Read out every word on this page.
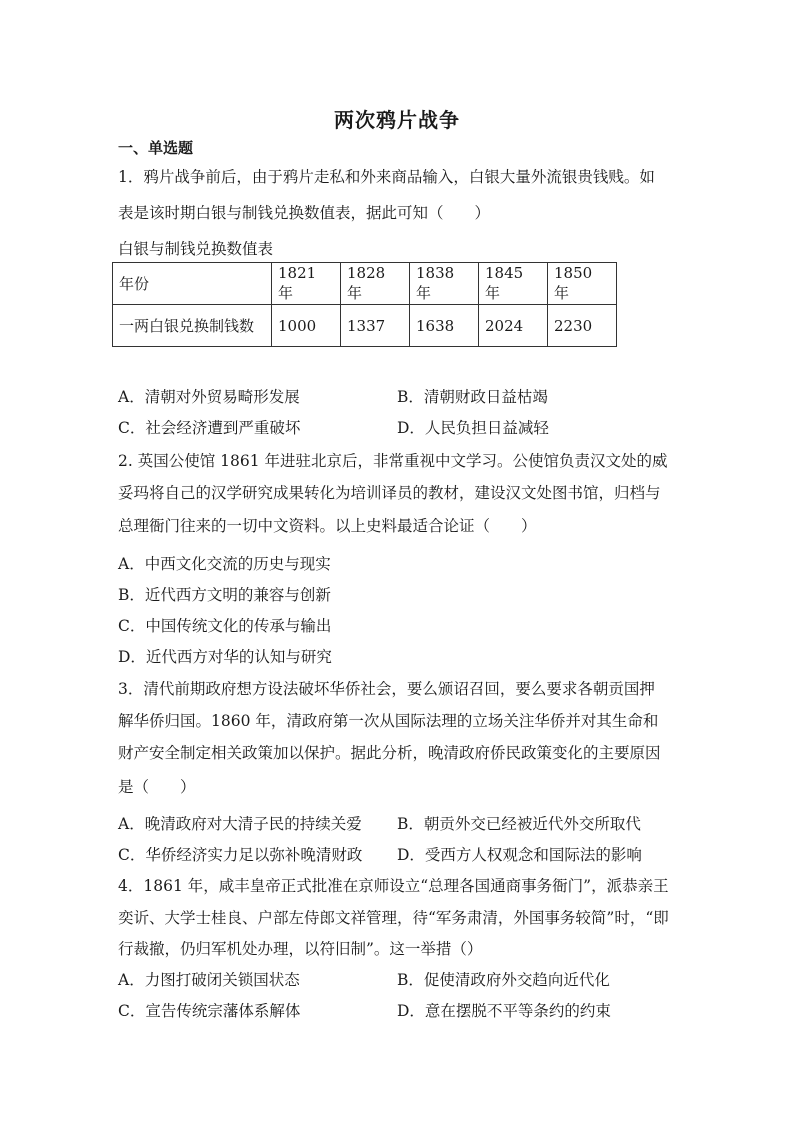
两次鸦片战争
一、单选题
1．鸦片战争前后，由于鸦片走私和外来商品输入，白银大量外流银贵钱贱。如
表是该时期白银与制钱兑换数值表，据此可知（　　）
白银与制钱兑换数值表
年份	1821 年	1828 年	1838 年	1845 年	1850 年
一两白银兑换制钱数	1000	1337	1638	2024	2230
A．清朝对外贸易畸形发展	B．清朝财政日益枯竭
C．社会经济遭到严重破坏	D．人民负担日益减轻
2. 英国公使馆 1861 年进驻北京后，非常重视中文学习。公使馆负责汉文处的威
妥玛将自己的汉学研究成果转化为培训译员的教材，建设汉文处图书馆，归档与
总理衙门往来的一切中文资料。以上史料最适合论证（　　）
A．中西文化交流的历史与现实
B．近代西方文明的兼容与创新
C．中国传统文化的传承与输出
D．近代西方对华的认知与研究
3．清代前期政府想方设法破坏华侨社会，要么颁诏召回，要么要求各朝贡国押
解华侨归国。1860 年，清政府第一次从国际法理的立场关注华侨并对其生命和
财产安全制定相关政策加以保护。据此分析，晚清政府侨民政策变化的主要原因
是（　　）
A．晚清政府对大清子民的持续关爱 B．朝贡外交已经被近代外交所取代
C．华侨经济实力足以弥补晚清财政 D．受西方人权观念和国际法的影响
4．1861 年，咸丰皇帝正式批准在京师设立“总理各国通商事务衙门”，派恭亲王
奕䜣、大学士桂良、户部左侍郎文祥管理，待“军务肃清，外国事务较简”时，“即
行裁撤，仍归军机处办理，以符旧制”。这一举措（）
A．力图打破闭关锁国状态	B．促使清政府外交趋向近代化
C．宣告传统宗藩体系解体	D．意在摆脱不平等条约的约束
